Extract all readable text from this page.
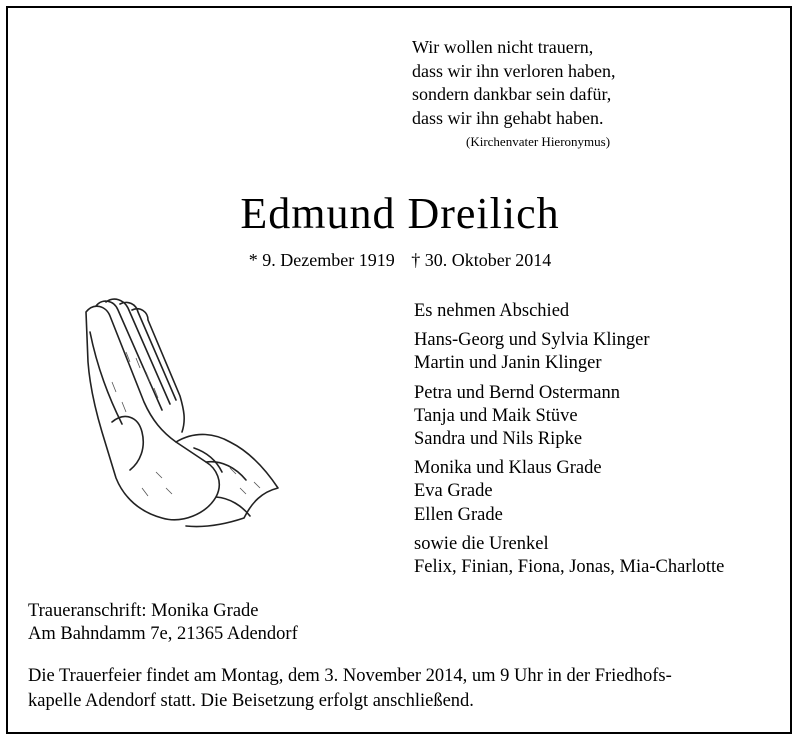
Wir wollen nicht trauern,
dass wir ihn verloren haben,
sondern dankbar sein dafür,
dass wir ihn gehabt haben.
(Kirchenvater Hieronymus)
Edmund Dreilich
* 9. Dezember 1919 † 30. Oktober 2014
Es nehmen Abschied
Hans-Georg und Sylvia Klinger
Martin und Janin Klinger
Petra und Bernd Ostermann
Tanja und Maik Stüve
Sandra und Nils Ripke
Monika und Klaus Grade
Eva Grade
Ellen Grade
sowie die Urenkel
Felix, Finian, Fiona, Jonas, Mia-Charlotte
Traueranschrift: Monika Grade
Am Bahndamm 7e, 21365 Adendorf
Die Trauerfeier findet am Montag, dem 3. November 2014, um 9 Uhr in der Friedhofs-
kapelle Adendorf statt. Die Beisetzung erfolgt anschließend.
